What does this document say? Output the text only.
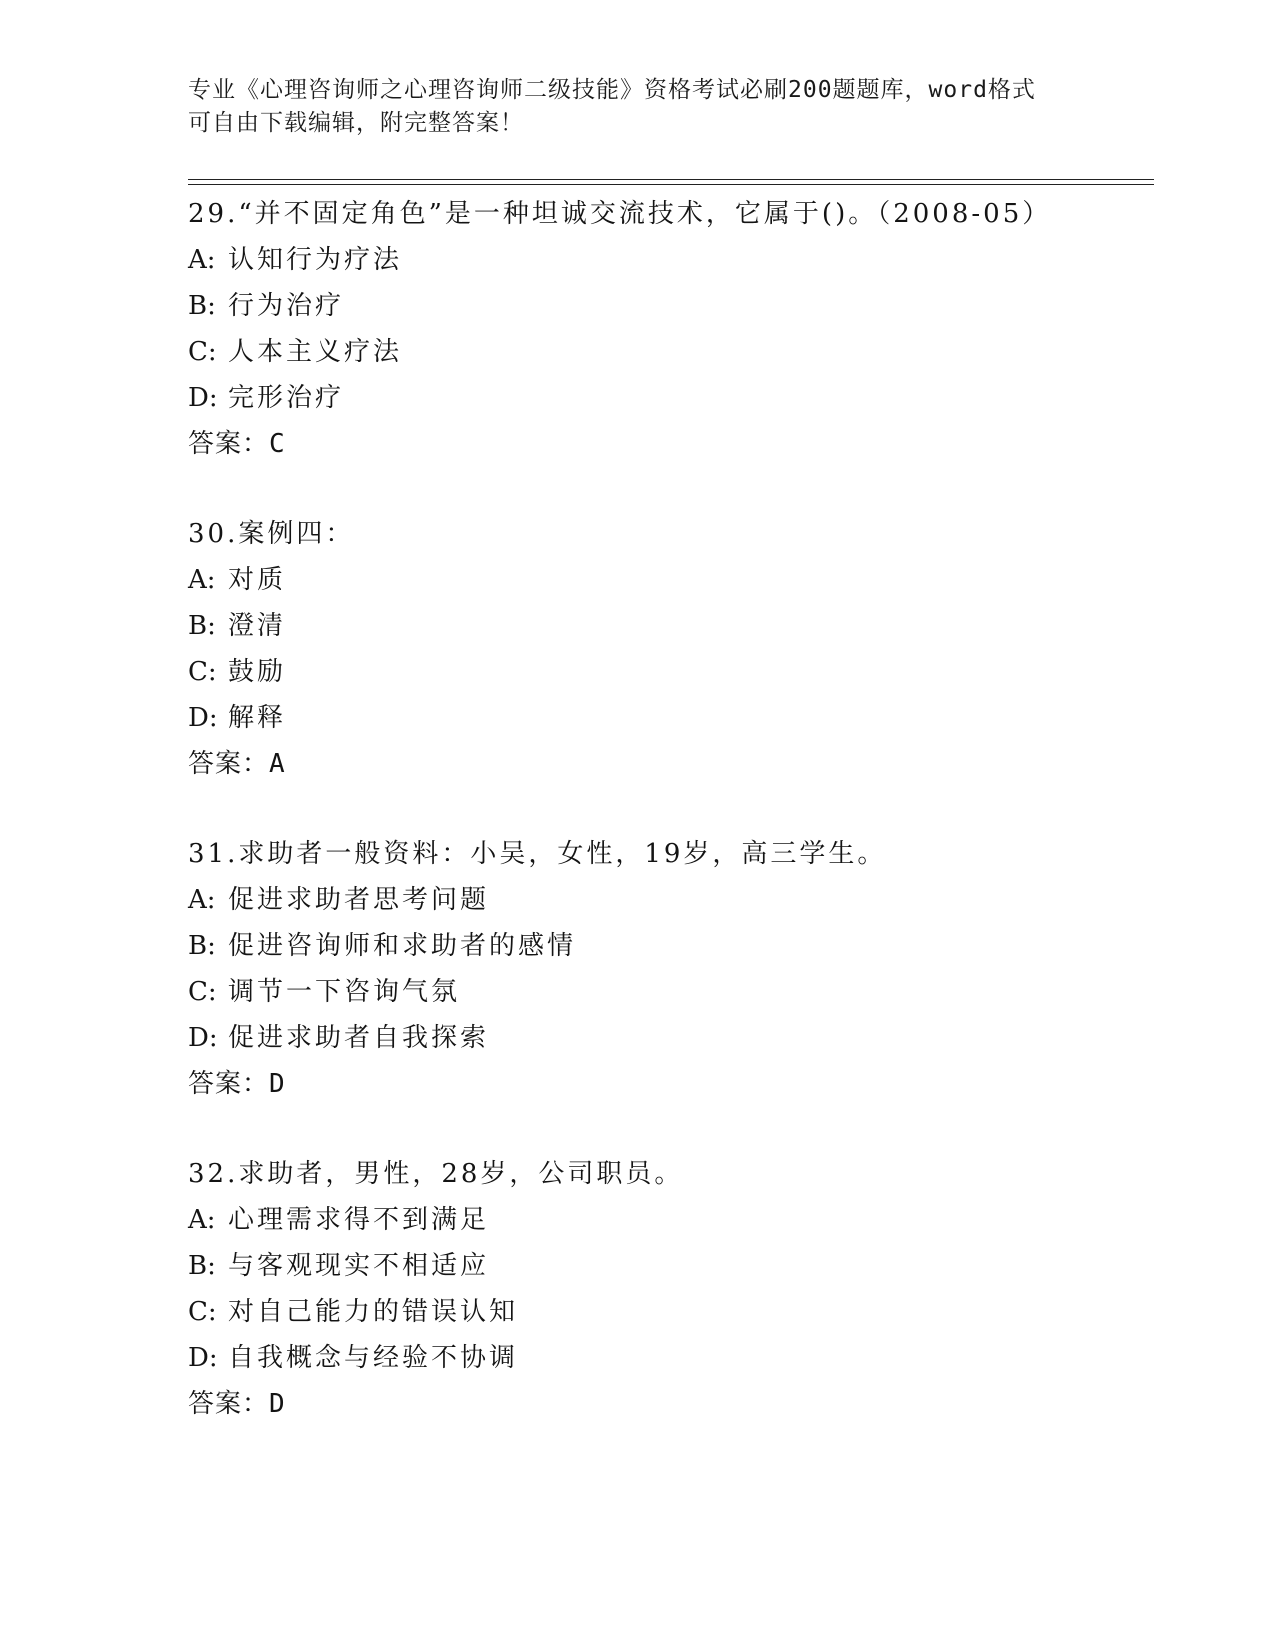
专业《心理咨询师之心理咨询师二级技能》资格考试必刷200题题库，word格式
可自由下载编辑，附完整答案！
29.“并不固定角色”是一种坦诚交流技术，它属于()。（2008-05）
A: 认知行为疗法
B: 行为治疗
C: 人本主义疗法
D: 完形治疗
答案：C
30.案例四：
A: 对质
B: 澄清
C: 鼓励
D: 解释
答案：A
31.求助者一般资料：小吴，女性，19岁，高三学生。
A: 促进求助者思考问题
B: 促进咨询师和求助者的感情
C: 调节一下咨询气氛
D: 促进求助者自我探索
答案：D
32.求助者，男性，28岁，公司职员。
A: 心理需求得不到满足
B: 与客观现实不相适应
C: 对自己能力的错误认知
D: 自我概念与经验不协调
答案：D
